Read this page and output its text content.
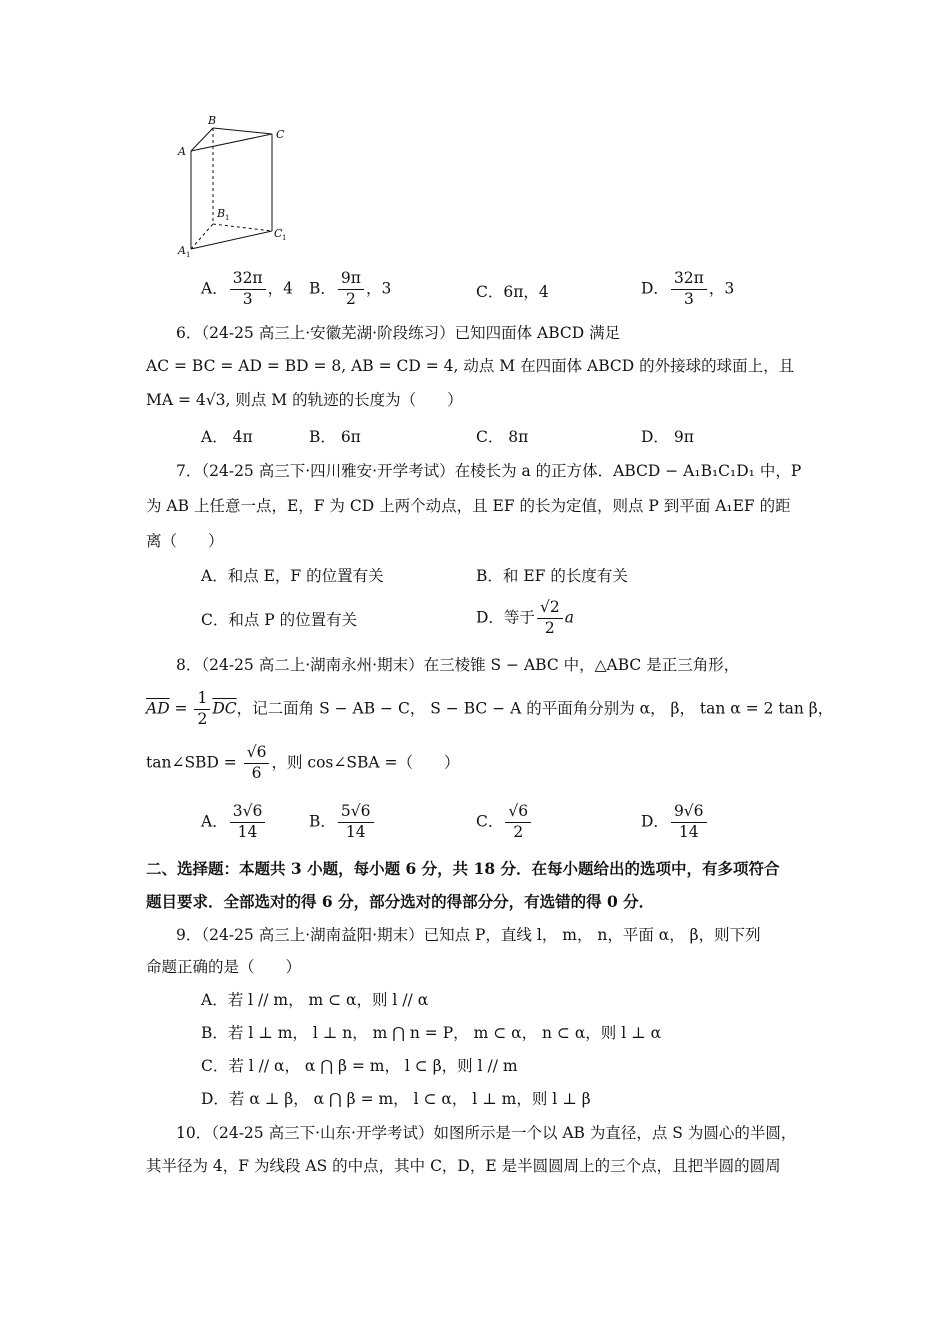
A
B
C
B 1
C 1
A 1
A． $\frac{32\pi}{3}$ ，4 B． $\frac{9\pi}{2}$ ，3	C．6π，4	D． $\frac{32\pi}{3}$ ，3
6．（24-25 高三上·安徽芜湖·阶段练习）已知四面体 ABCD 满足
AC = BC = AD = BD = 8, AB = CD = 4, 动点 M 在四面体 ABCD 的外接球的球面上，且
MA = 4√3, 则点 M 的轨迹的长度为（　　）
A． 4π	B． 6π	C． 8π	D． 9π
7．（24-25 高三下·四川雅安·开学考试）在棱长为 a 的正方体．ABCD − A₁B₁C₁D₁ 中，P
为 AB 上任意一点，E，F 为 CD 上两个动点，且 EF 的长为定值，则点 P 到平面 A₁EF 的距
离（　　）
A．和点 E，F 的位置有关	B．和 EF 的长度有关
C．和点 P 的位置有关	D．等于 $\frac{√2}{2}$ a
8．（24-25 高二上·湖南永州·期末）在三棱锥 S − ABC 中，△ABC 是正三角形，
$\overline{AD} = \frac{1}{2} \overline{DC}$，记二面角 S − AB − C， S − BC − A 的平面角分别为 α， β， tan α = 2 tan β，
tan∠SBD = $\frac{√6}{6}$ ，则 cos∠SBA =（　　）
A． $\frac{3√6}{14}$	B． $\frac{5√6}{14}$	C． $\frac{√6}{2}$	D． $\frac{9√6}{14}$
二、选择题：本题共 3 小题，每小题 6 分，共 18 分．在每小题给出的选项中，有多项符合
题目要求．全部选对的得 6 分，部分选对的得部分分，有选错的得 0 分．
9．（24-25 高三上·湖南益阳·期末）已知点 P，直线 l， m， n，平面 α， β，则下列
命题正确的是（　　）
A．若 l // m， m ⊂ α，则 l // α
B．若 l ⊥ m， l ⊥ n， m ⋂ n = P， m ⊂ α， n ⊂ α，则 l ⊥ α
C．若 l // α， α ⋂ β = m， l ⊂ β，则 l // m
D．若 α ⊥ β， α ⋂ β = m， l ⊂ α， l ⊥ m，则 l ⊥ β
10．（24-25 高三下·山东·开学考试）如图所示是一个以 AB 为直径，点 S 为圆心的半圆，
其半径为 4，F 为线段 AS 的中点，其中 C，D，E 是半圆圆周上的三个点，且把半圆的圆周
